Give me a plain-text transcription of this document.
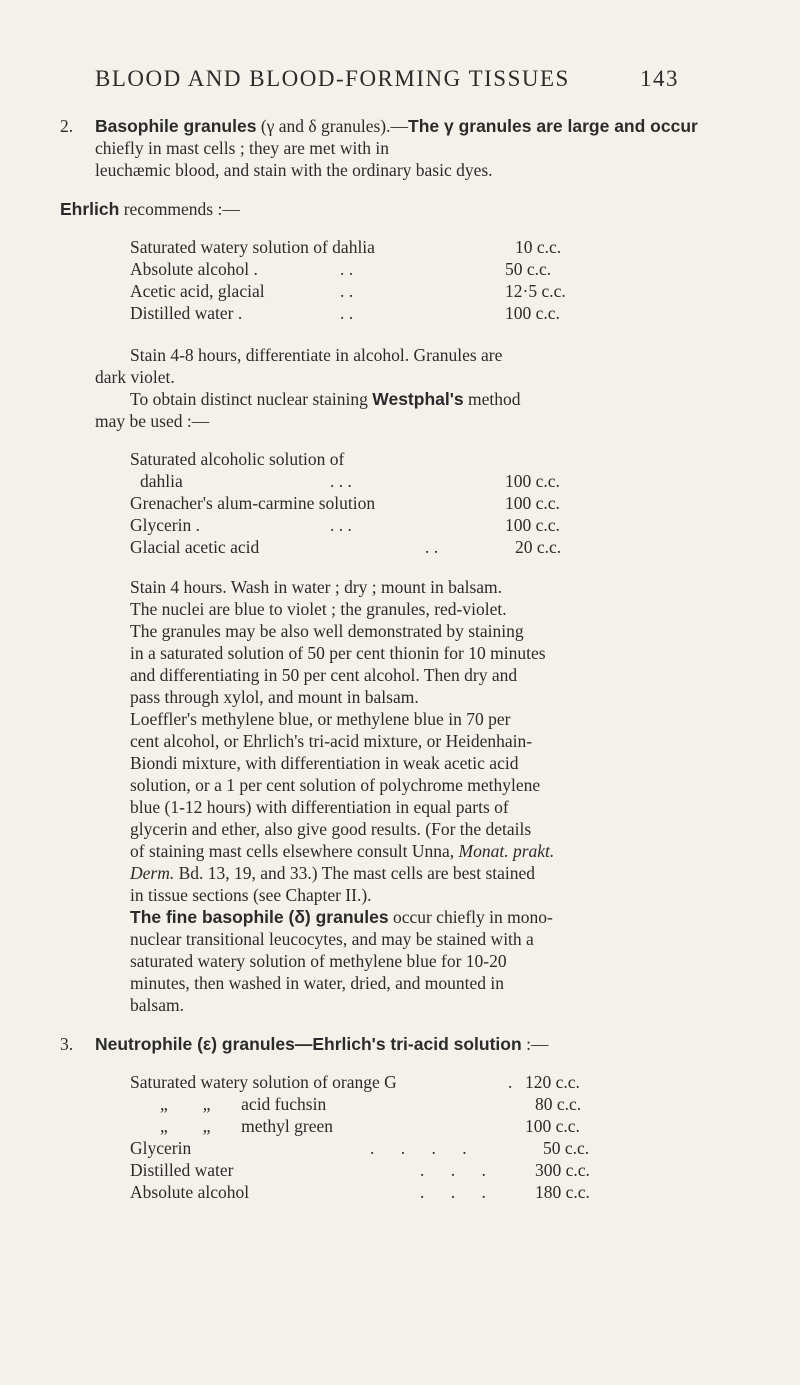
BLOOD AND BLOOD-FORMING TISSUES	143
2. Basophile granules (γ and δ granules).—The γ granules are large and occur
chiefly in mast cells ; they are met with in
leuchæmic blood, and stain with the ordinary basic dyes.
Ehrlich recommends :—
Saturated watery solution of dahlia	10 c.c.
Absolute alcohol .	. .	50 c.c.
Acetic acid, glacial	. .	12·5 c.c.
Distilled water .	. .	100 c.c.
Stain 4-8 hours, differentiate in alcohol. Granules are
dark violet.
To obtain distinct nuclear staining Westphal's method
may be used :—
Saturated alcoholic solution of
dahlia	. . .	100 c.c.
Grenacher's alum-carmine solution	100 c.c.
Glycerin .	. . .	100 c.c.
Glacial acetic acid	. .	20 c.c.
Stain 4 hours. Wash in water ; dry ; mount in balsam.
The nuclei are blue to violet ; the granules, red-violet.
The granules may be also well demonstrated by staining
in a saturated solution of 50 per cent thionin for 10 minutes
and differentiating in 50 per cent alcohol. Then dry and
pass through xylol, and mount in balsam.
Loeffler's methylene blue, or methylene blue in 70 per
cent alcohol, or Ehrlich's tri-acid mixture, or Heidenhain-
Biondi mixture, with differentiation in weak acetic acid
solution, or a 1 per cent solution of polychrome methylene
blue (1-12 hours) with differentiation in equal parts of
glycerin and ether, also give good results. (For the details
of staining mast cells elsewhere consult Unna, Monat. prakt.
Derm. Bd. 13, 19, and 33.) The mast cells are best stained
in tissue sections (see Chapter II.).
The fine basophile (δ) granules occur chiefly in mono-
nuclear transitional leucocytes, and may be stained with a
saturated watery solution of methylene blue for 10-20
minutes, then washed in water, dried, and mounted in
balsam.
3. Neutrophile (ε) granules—Ehrlich's tri-acid solution :—
Saturated watery solution of orange G	. 120 c.c.
„        „       acid fuchsin	80 c.c.
„        „       methyl green	100 c.c.
Glycerin	. . . .	50 c.c.
Distilled water	. . .	300 c.c.
Absolute alcohol	. . .	180 c.c.
